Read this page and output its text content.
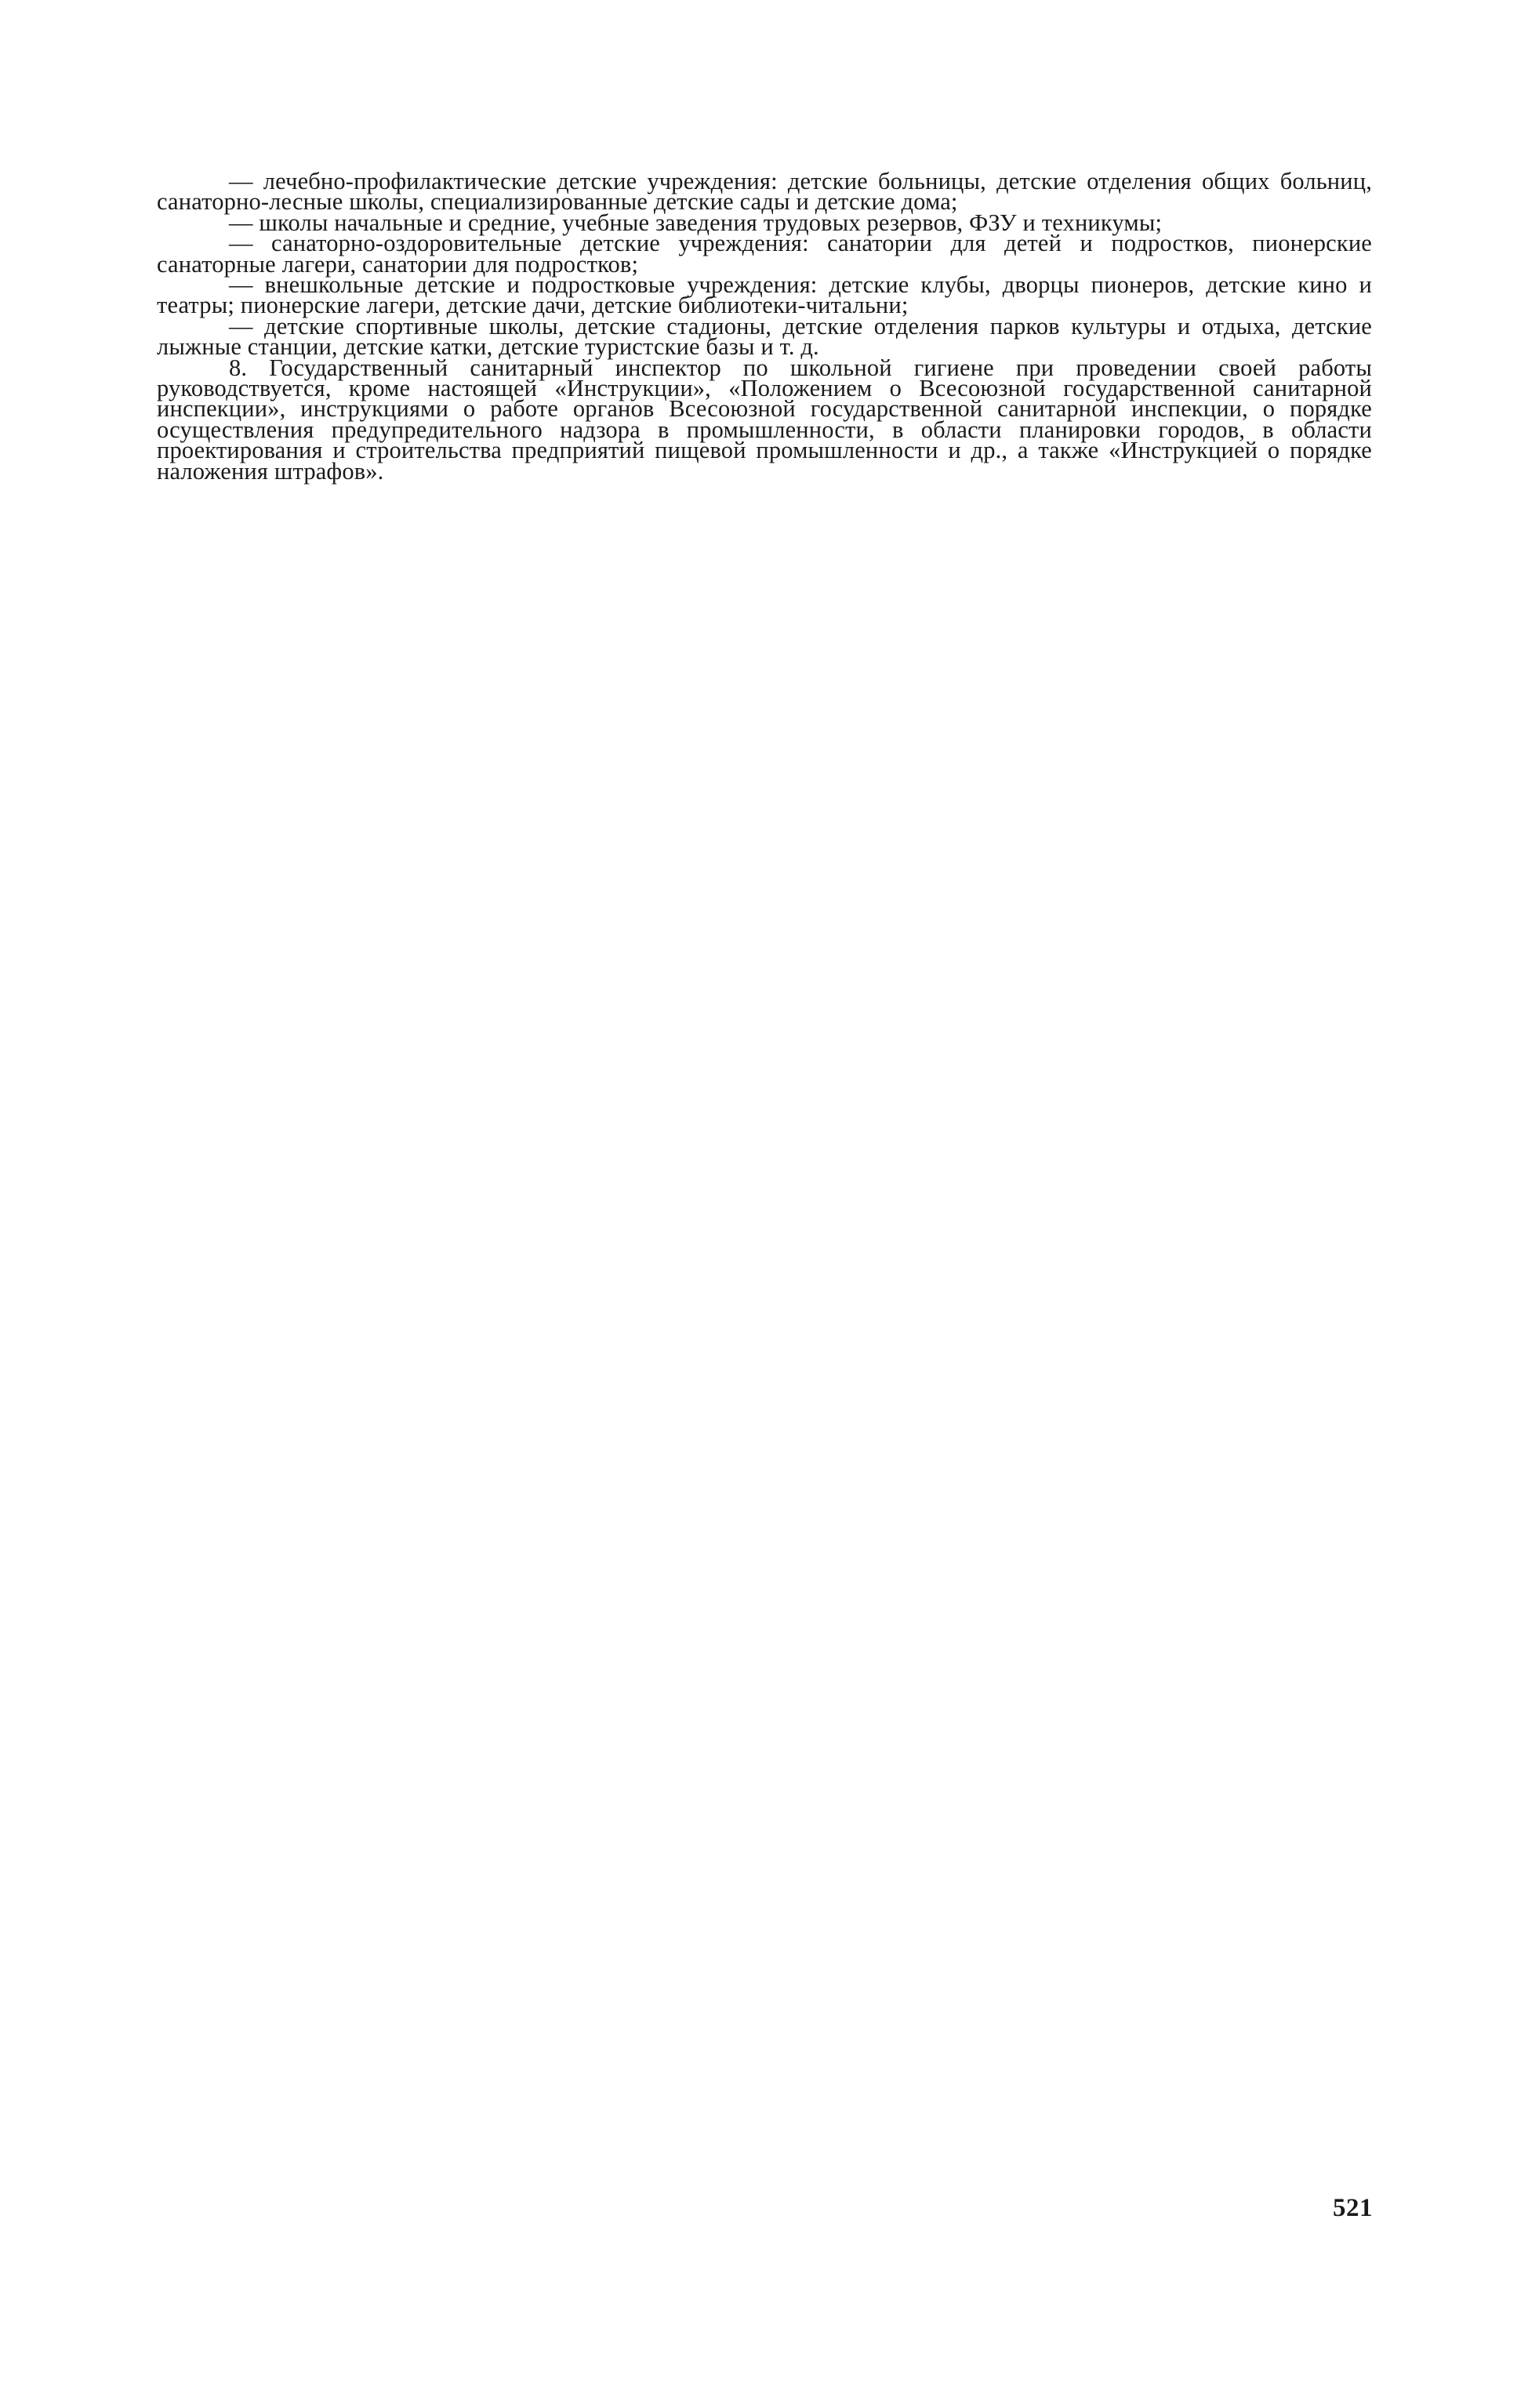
— лечебно-профилактические детские учреждения: детские больницы, детские отделения общих больниц, санаторно-лесные школы, специализированные детские сады и детские дома;

— школы начальные и средние, учебные заведения трудовых резервов, ФЗУ и техникумы;

— санаторно-оздоровительные детские учреждения: санатории для детей и подростков, пионерские санаторные лагери, санатории для подростков;

— внешкольные детские и подростковые учреждения: детские клубы, дворцы пионеров, детские кино и театры; пионерские лагери, детские дачи, детские библиотеки-читальни;

— детские спортивные школы, детские стадионы, детские отделения парков культуры и отдыха, детские лыжные станции, детские катки, детские туристские базы и т. д.

8. Государственный санитарный инспектор по школьной гигиене при проведении своей работы руководствуется, кроме настоящей «Инструкции», «Положением о Всесоюзной государственной санитарной инспекции», инструкциями о работе органов Всесоюзной государственной санитарной инспекции, о порядке осуществления предупредительного надзора в промышленности, в области планировки городов, в области проектирования и строительства предприятий пищевой промышленности и др., а также «Инструкцией о порядке наложения штрафов».

521
